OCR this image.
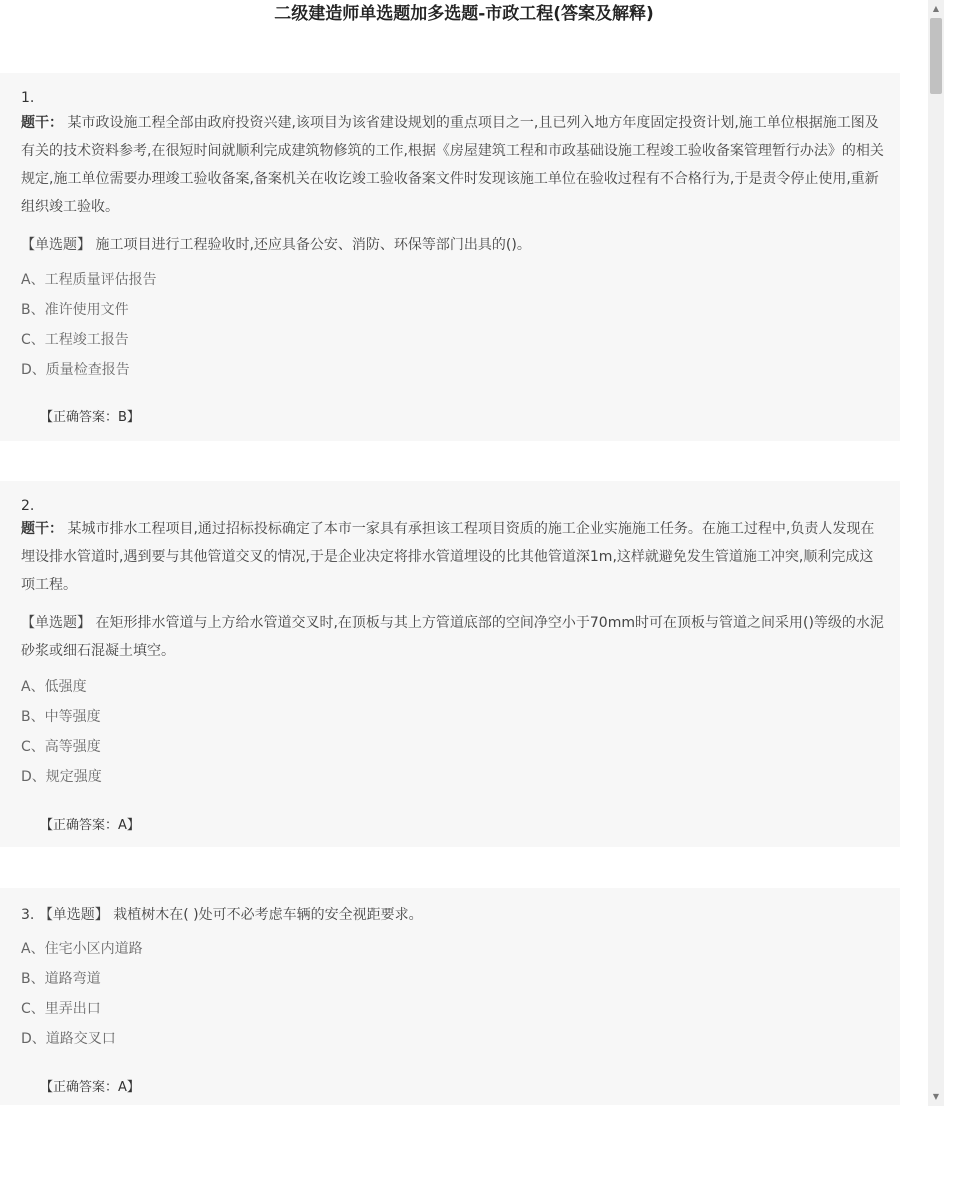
二级建造师单选题加多选题-市政工程(答案及解释)
1.
题干： 某市政设施工程全部由政府投资兴建,该项目为该省建设规划的重点项目之一,且已列入地方年度固定投资计划,施工单位根据施工图及有关的技术资料参考,在很短时间就顺利完成建筑物修筑的工作,根据《房屋建筑工程和市政基础设施工程竣工验收备案管理暂行办法》的相关规定,施工单位需要办理竣工验收备案,备案机关在收讫竣工验收备案文件时发现该施工单位在验收过程有不合格行为,于是责令停止使用,重新组织竣工验收。
【单选题】 施工项目进行工程验收时,还应具备公安、消防、环保等部门出具的()。
A、工程质量评估报告
B、准许使用文件
C、工程竣工报告
D、质量检查报告
【正确答案：B】
2.
题干： 某城市排水工程项目,通过招标投标确定了本市一家具有承担该工程项目资质的施工企业实施施工任务。在施工过程中,负责人发现在埋设排水管道时,遇到要与其他管道交叉的情况,于是企业决定将排水管道埋设的比其他管道深1m,这样就避免发生管道施工冲突,顺利完成这项工程。
【单选题】 在矩形排水管道与上方给水管道交叉时,在顶板与其上方管道底部的空间净空小于70mm时可在顶板与管道之间采用()等级的水泥砂浆或细石混凝土填空。
A、低强度
B、中等强度
C、高等强度
D、规定强度
【正确答案：A】
3. 【单选题】 栽植树木在( )处可不必考虑车辆的安全视距要求。
A、住宅小区内道路
B、道路弯道
C、里弄出口
D、道路交叉口
【正确答案：A】
▲
▼
